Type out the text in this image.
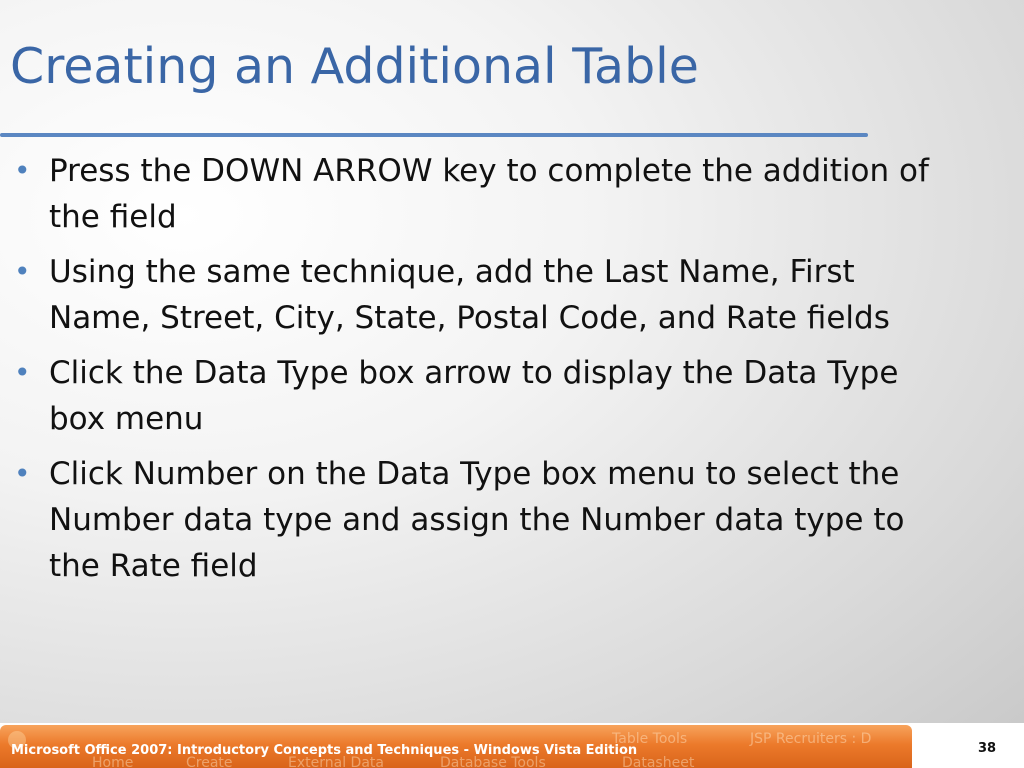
Creating an Additional Table
• Press the DOWN ARROW key to complete the addition of the field
• Using the same technique, add the Last Name, First Name, Street, City, State, Postal Code, and Rate fields
• Click the Data Type box arrow to display the Data Type box menu
• Click Number on the Data Type box menu to select the Number data type and assign the Number data type to the Rate field
Table Tools	JSP Recruiters : D
Home	Create	External Data	Database Tools	Datasheet
Microsoft Office 2007: Introductory Concepts and Techniques - Windows Vista Edition	38
